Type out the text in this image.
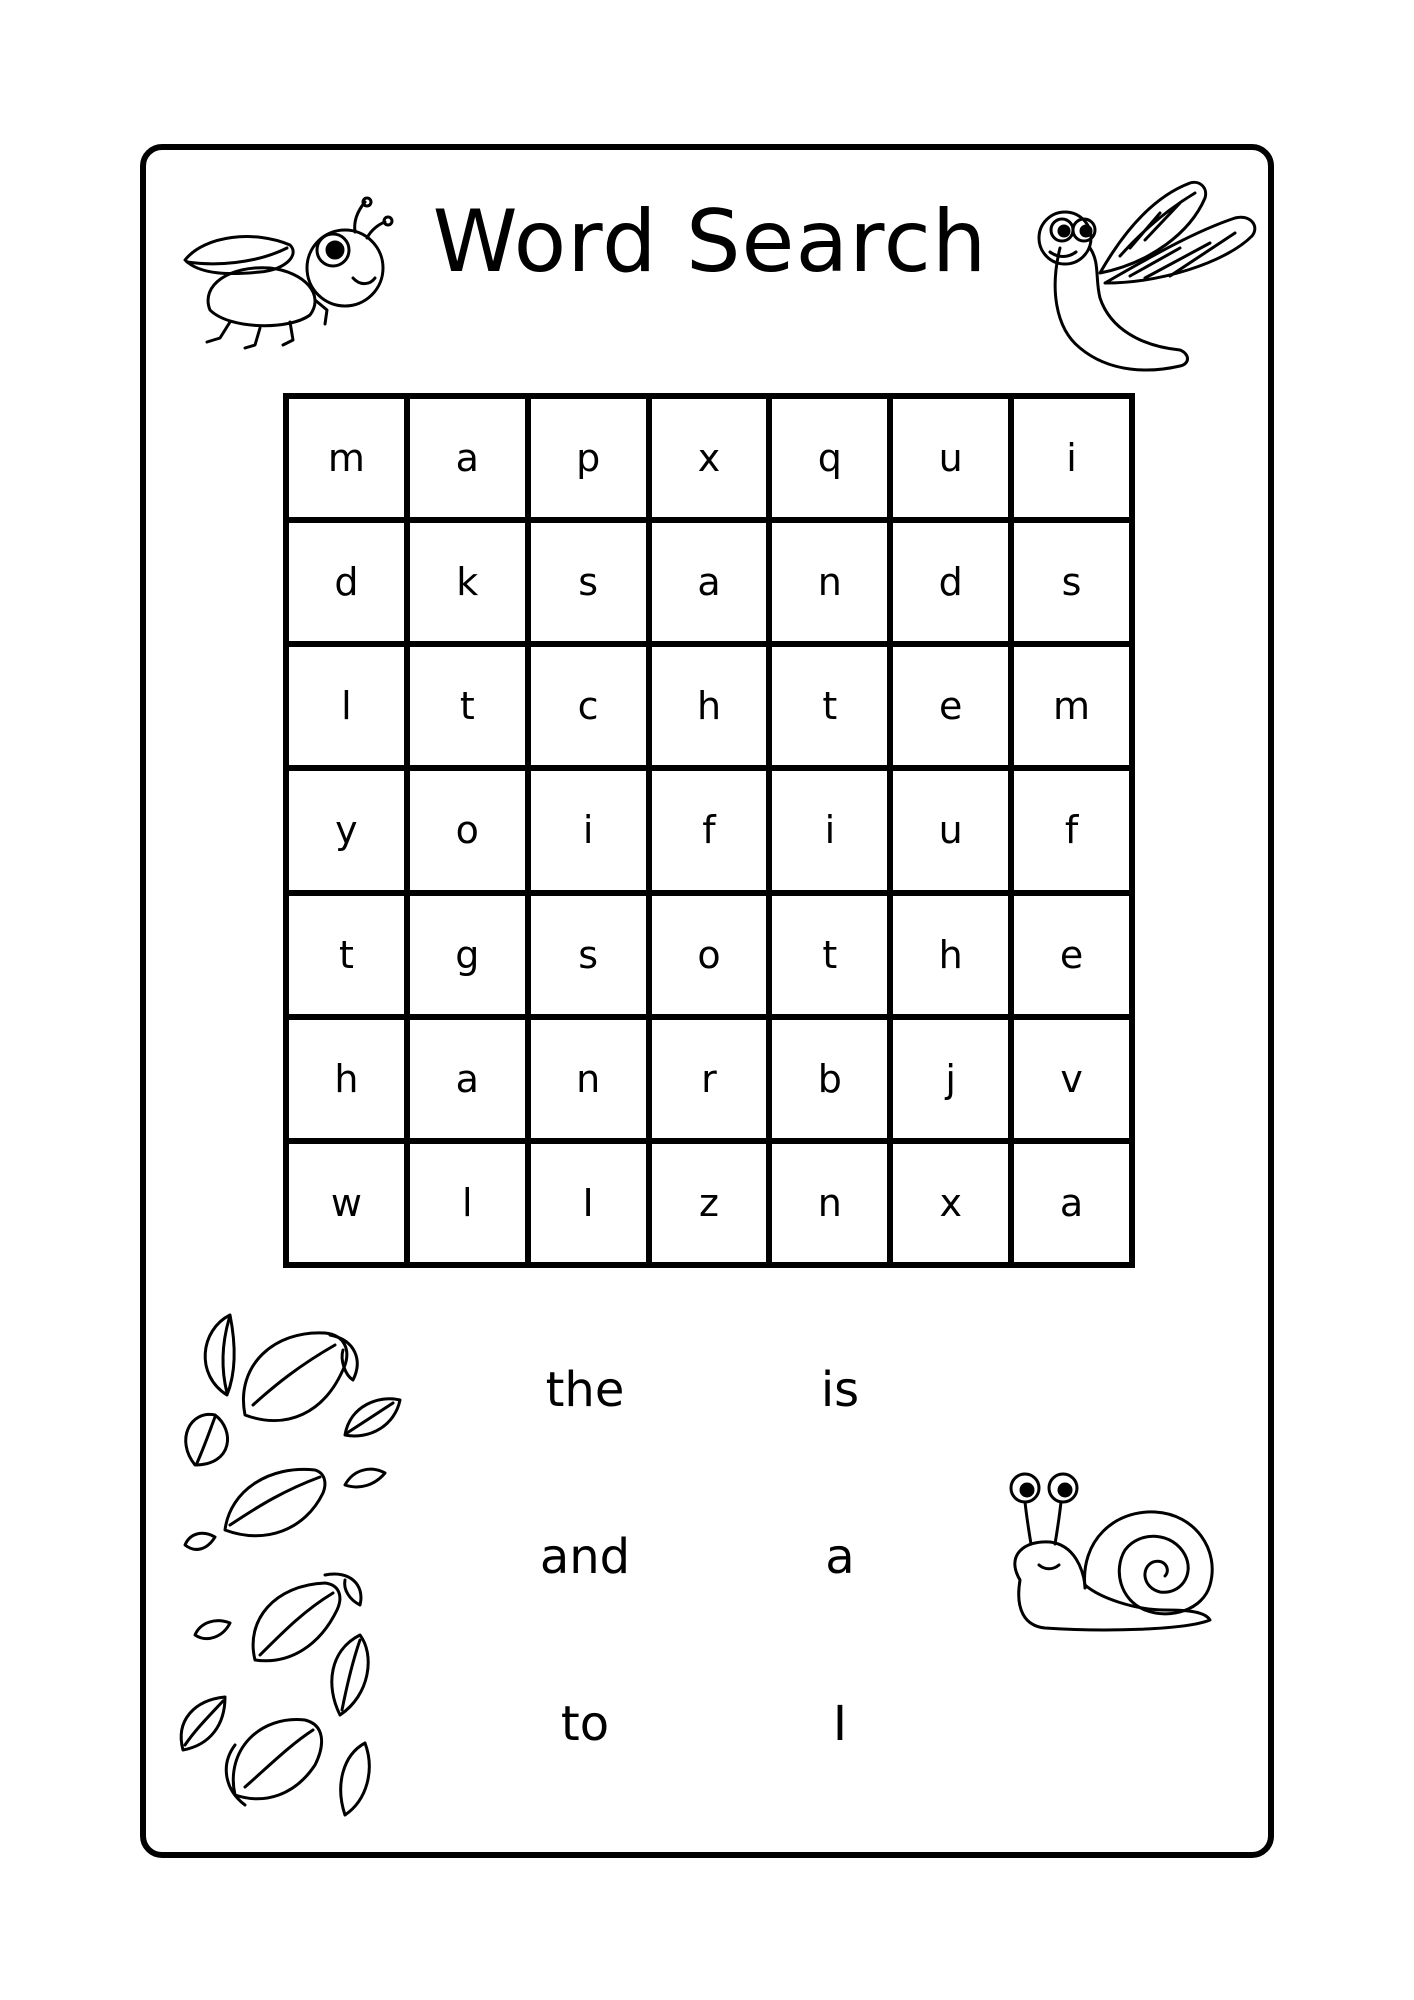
Word Search
m	a	p	x	q	u	i
d	k	s	a	n	d	s
l	t	c	h	t	e	m
y	o	i	f	i	u	f
t	g	s	o	t	h	e
h	a	n	r	b	j	v
w	l	I	z	n	x	a
the	is
and	a
to	I
